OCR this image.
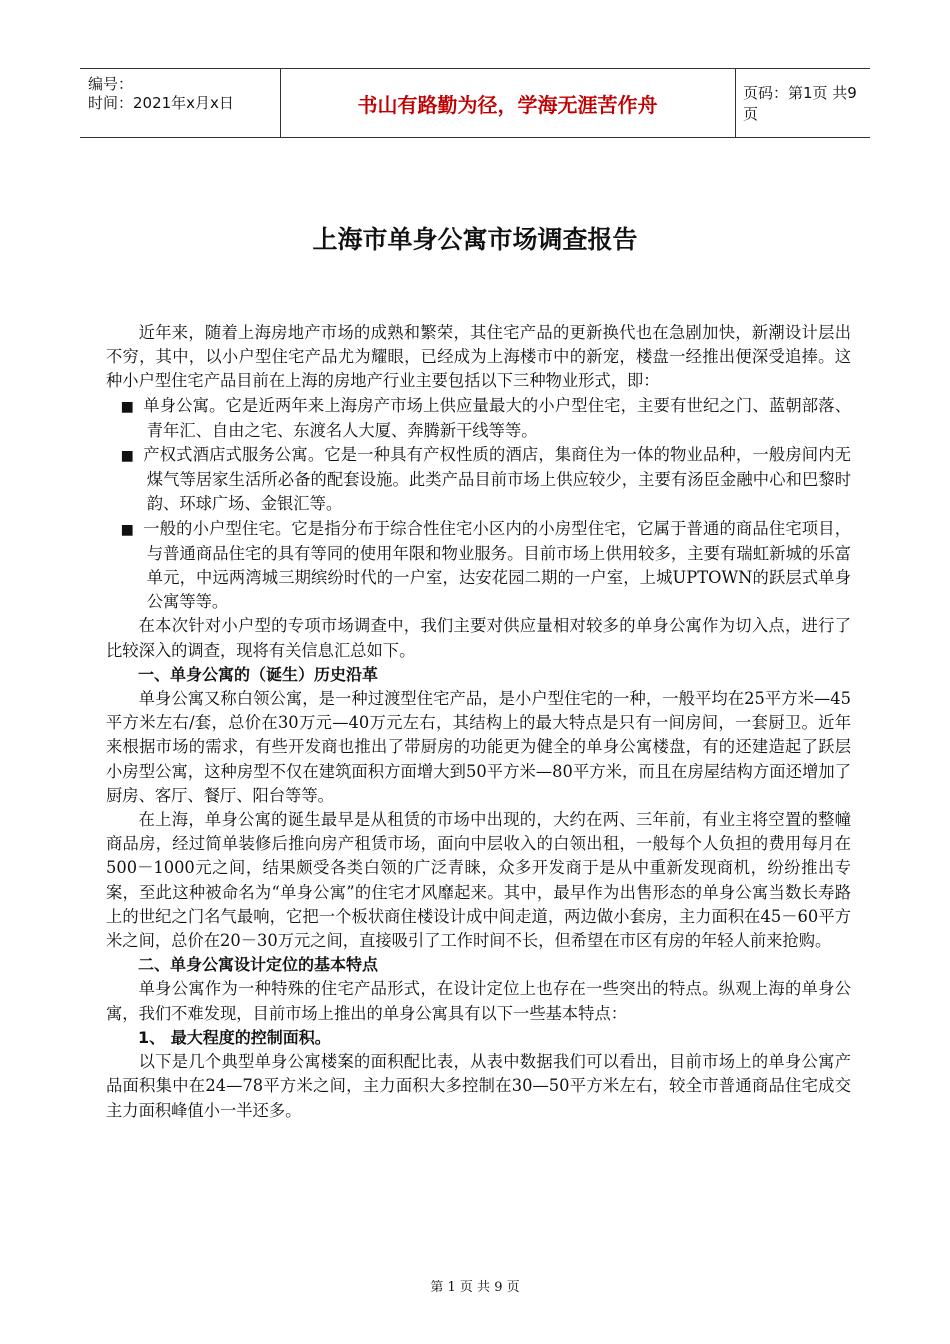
编号：
时间：2021年x月x日	书山有路勤为径，学海无涯苦作舟	页码：第1页 共9页
上海市单身公寓市场调查报告

近年来，随着上海房地产市场的成熟和繁荣，其住宅产品的更新换代也在急剧加快，新潮设计层出不穷，其中，以小户型住宅产品尤为耀眼，已经成为上海楼市中的新宠，楼盘一经推出便深受追捧。这种小户型住宅产品目前在上海的房地产行业主要包括以下三种物业形式，即：

■ 单身公寓。它是近两年来上海房产市场上供应量最大的小户型住宅，主要有世纪之门、蓝朝部落、青年汇、自由之宅、东渡名人大厦、奔腾新干线等等。

■ 产权式酒店式服务公寓。它是一种具有产权性质的酒店，集商住为一体的物业品种，一般房间内无煤气等居家生活所必备的配套设施。此类产品目前市场上供应较少，主要有汤臣金融中心和巴黎时韵、环球广场、金银汇等。

■ 一般的小户型住宅。它是指分布于综合性住宅小区内的小房型住宅，它属于普通的商品住宅项目，与普通商品住宅的具有等同的使用年限和物业服务。目前市场上供用较多，主要有瑞虹新城的乐富单元，中远两湾城三期缤纷时代的一户室，达安花园二期的一户室，上城UPTOWN的跃层式单身公寓等等。

在本次针对小户型的专项市场调查中，我们主要对供应量相对较多的单身公寓作为切入点，进行了比较深入的调查，现将有关信息汇总如下。

一、单身公寓的（诞生）历史沿革

单身公寓又称白领公寓，是一种过渡型住宅产品，是小户型住宅的一种，一般平均在25平方米—45平方米左右/套，总价在30万元—40万元左右，其结构上的最大特点是只有一间房间，一套厨卫。近年来根据市场的需求，有些开发商也推出了带厨房的功能更为健全的单身公寓楼盘，有的还建造起了跃层小房型公寓，这种房型不仅在建筑面积方面增大到50平方米—80平方米，而且在房屋结构方面还增加了厨房、客厅、餐厅、阳台等等。

在上海，单身公寓的诞生最早是从租赁的市场中出现的，大约在两、三年前，有业主将空置的整幢商品房，经过简单装修后推向房产租赁市场，面向中层收入的白领出租，一般每个人负担的费用每月在500－1000元之间，结果颇受各类白领的广泛青睐，众多开发商于是从中重新发现商机，纷纷推出专案，至此这种被命名为“单身公寓”的住宅才风靡起来。其中，最早作为出售形态的单身公寓当数长寿路上的世纪之门名气最响，它把一个板状商住楼设计成中间走道，两边做小套房，主力面积在45－60平方米之间，总价在20－30万元之间，直接吸引了工作时间不长，但希望在市区有房的年轻人前来抢购。

二、单身公寓设计定位的基本特点

单身公寓作为一种特殊的住宅产品形式，在设计定位上也存在一些突出的特点。纵观上海的单身公寓，我们不难发现，目前市场上推出的单身公寓具有以下一些基本特点：

1、 最大程度的控制面积。

以下是几个典型单身公寓楼案的面积配比表，从表中数据我们可以看出，目前市场上的单身公寓产品面积集中在24—78平方米之间，主力面积大多控制在30—50平方米左右，较全市普通商品住宅成交主力面积峰值小一半还多。

第 1 页 共 9 页
